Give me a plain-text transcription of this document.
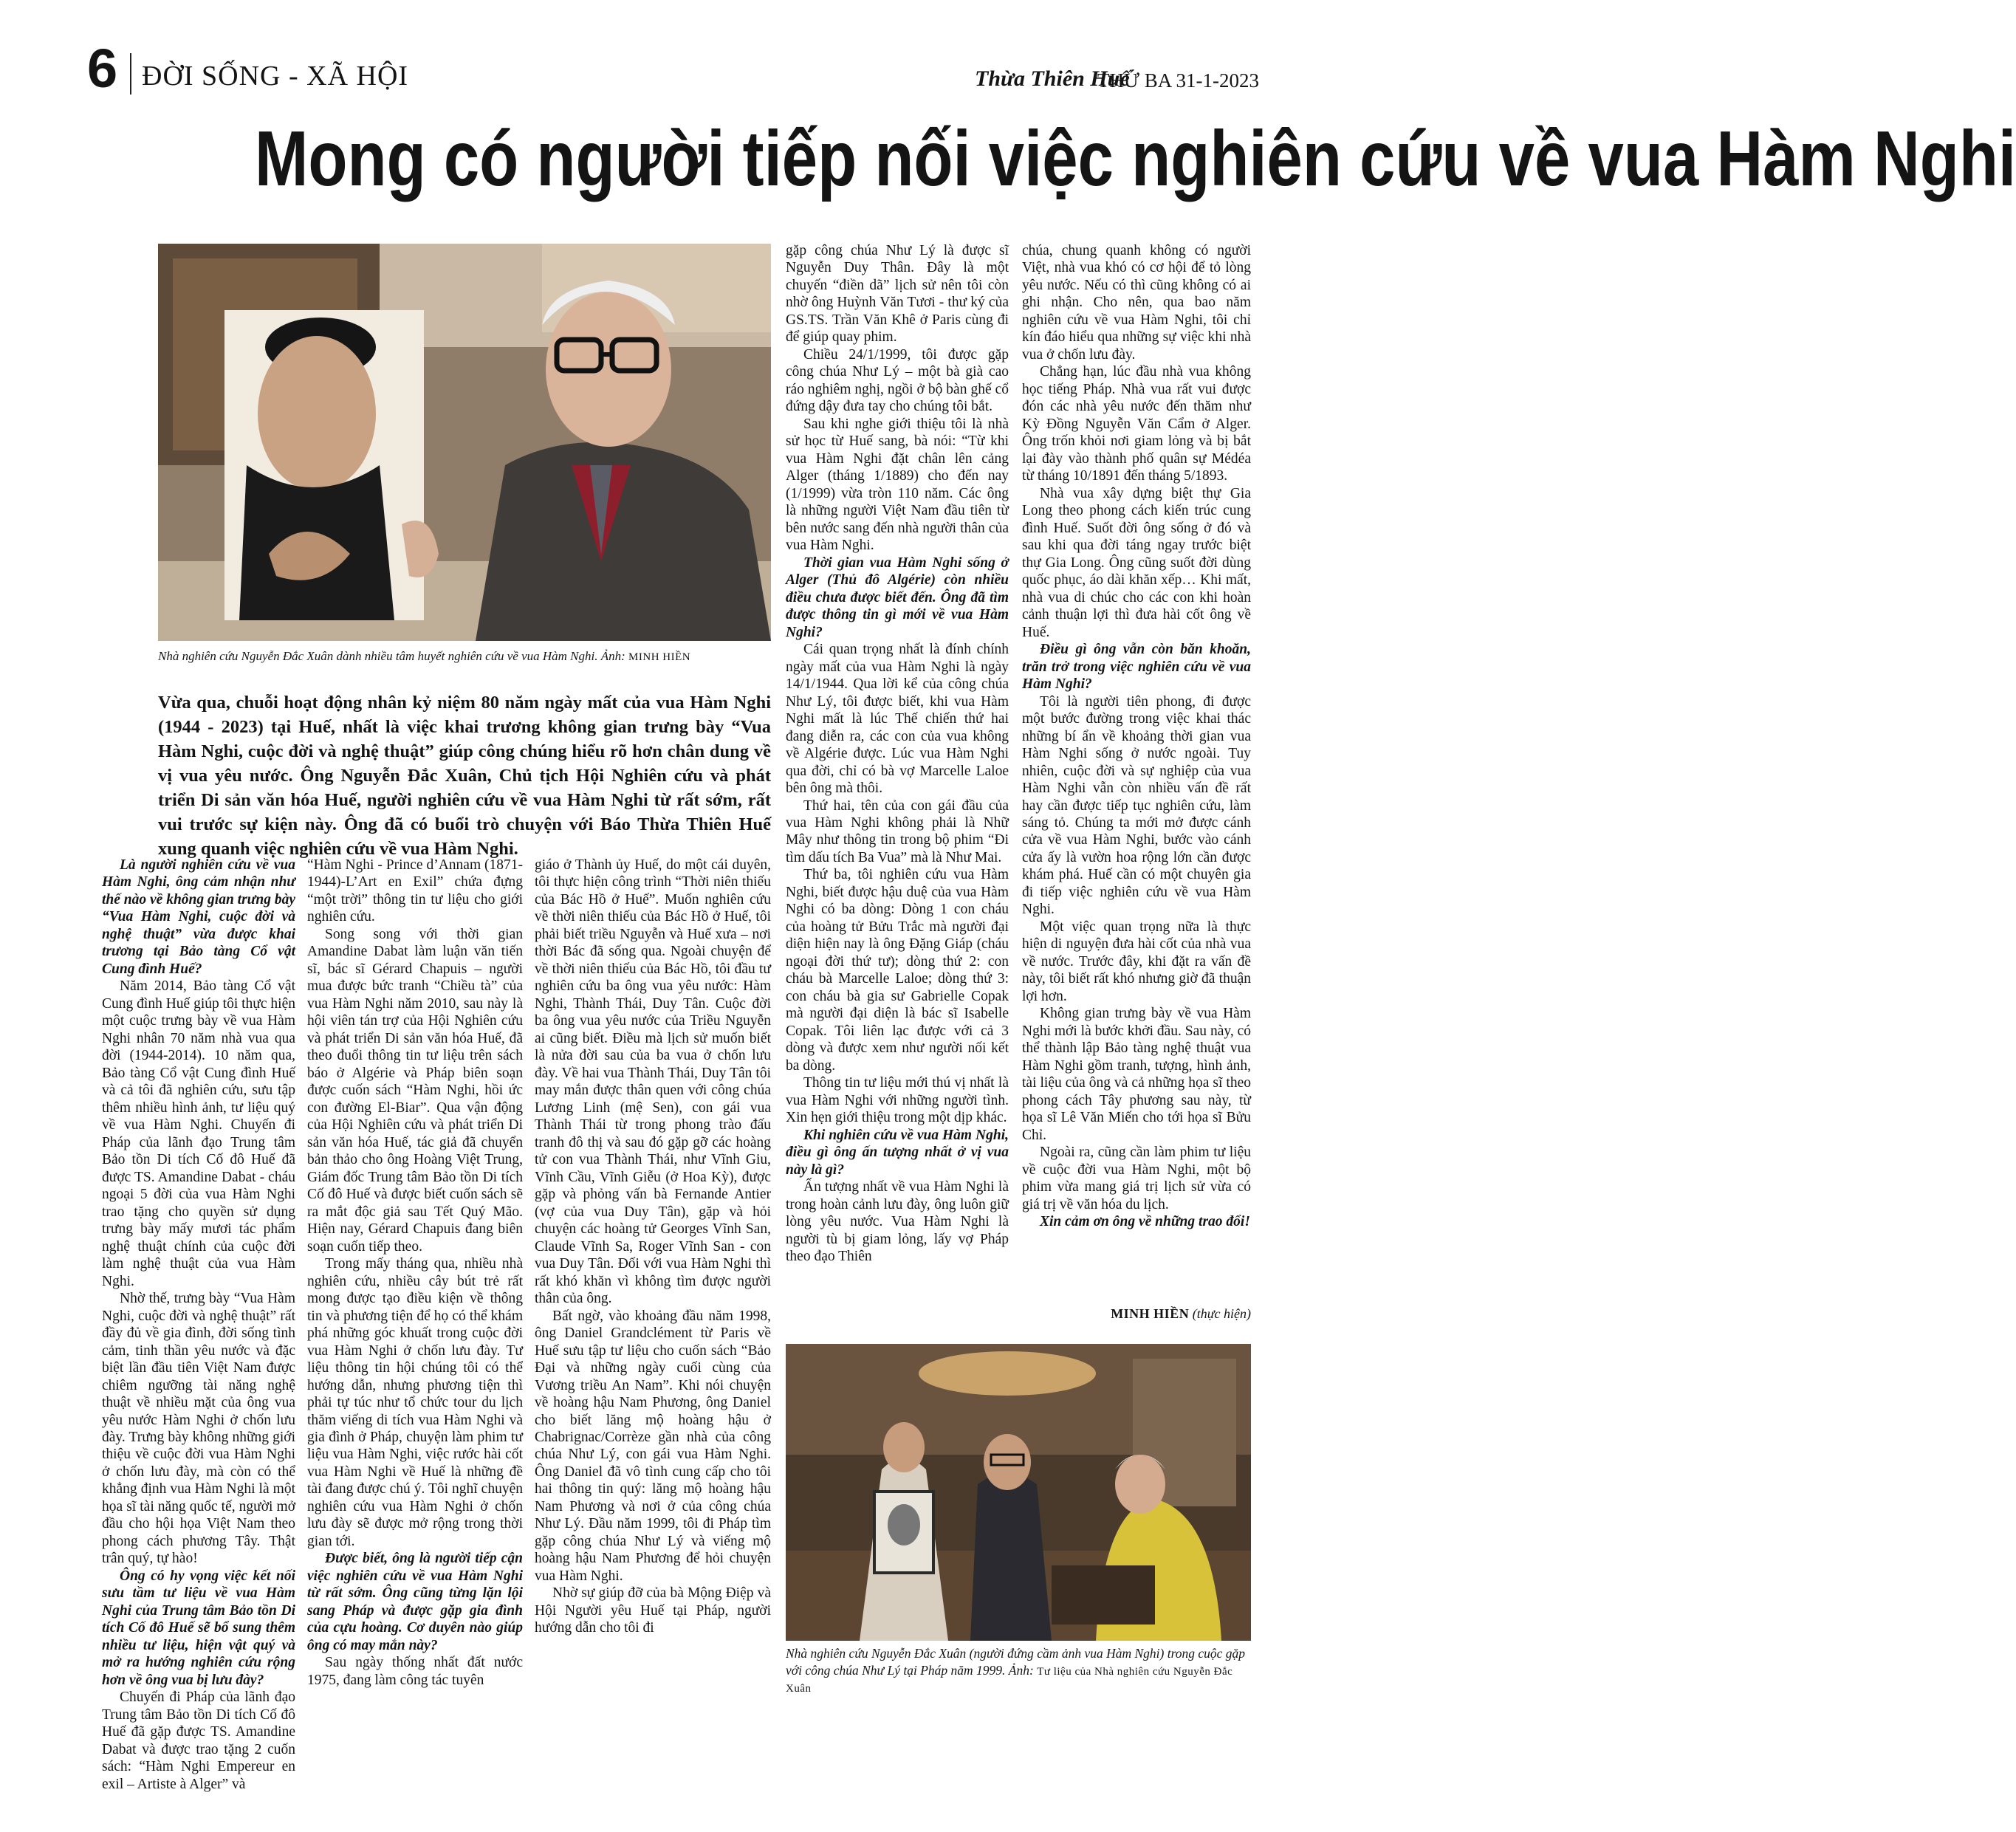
6 ĐỜI SỐNG - XÃ HỘI	Thừa Thiên Huế
THỨ BA 31-1-2023
Mong có người tiếp nối việc nghiên cứu về vua Hàm Nghi
Nhà nghiên cứu Nguyễn Đắc Xuân dành nhiều tâm huyết nghiên cứu về vua Hàm Nghi. Ảnh: MINH HIỀN
Vừa qua, chuỗi hoạt động nhân kỷ niệm 80 năm ngày mất của vua Hàm Nghi (1944 - 2023) tại Huế, nhất là việc khai trương không gian trưng bày “Vua Hàm Nghi, cuộc đời và nghệ thuật” giúp công chúng hiểu rõ hơn chân dung về vị vua yêu nước. Ông Nguyễn Đắc Xuân, Chủ tịch Hội Nghiên cứu và phát triển Di sản văn hóa Huế, người nghiên cứu về vua Hàm Nghi từ rất sớm, rất vui trước sự kiện này. Ông đã có buổi trò chuyện với Báo Thừa Thiên Huế xung quanh việc nghiên cứu về vua Hàm Nghi.

Là người nghiên cứu về vua Hàm Nghi, ông cảm nhận như thế nào về không gian trưng bày “Vua Hàm Nghi, cuộc đời và nghệ thuật” vừa được khai trương tại Bảo tàng Cổ vật Cung đình Huế?

Năm 2014, Bảo tàng Cổ vật Cung đình Huế giúp tôi thực hiện một cuộc trưng bày về vua Hàm Nghi nhân 70 năm nhà vua qua đời (1944-2014). 10 năm qua, Bảo tàng Cổ vật Cung đình Huế và cả tôi đã nghiên cứu, sưu tập thêm nhiều hình ảnh, tư liệu quý về vua Hàm Nghi. Chuyến đi Pháp của lãnh đạo Trung tâm Bảo tồn Di tích Cố đô Huế đã được TS. Amandine Dabat - cháu ngoại 5 đời của vua Hàm Nghi trao tặng cho quyền sử dụng trưng bày mấy mươi tác phẩm nghệ thuật chính của cuộc đời làm nghệ thuật của vua Hàm Nghi.

Nhờ thế, trưng bày “Vua Hàm Nghi, cuộc đời và nghệ thuật” rất đầy đủ về gia đình, đời sống tình cảm, tinh thần yêu nước và đặc biệt lần đầu tiên Việt Nam được chiêm ngưỡng tài năng nghệ thuật về nhiều mặt của ông vua yêu nước Hàm Nghi ở chốn lưu đày. Trưng bày không những giới thiệu về cuộc đời vua Hàm Nghi ở chốn lưu đày, mà còn có thể khẳng định vua Hàm Nghi là một họa sĩ tài năng quốc tế, người mở đầu cho hội họa Việt Nam theo phong cách phương Tây. Thật trân quý, tự hào!

Ông có hy vọng việc kết nối sưu tầm tư liệu về vua Hàm Nghi của Trung tâm Bảo tồn Di tích Cố đô Huế sẽ bổ sung thêm nhiều tư liệu, hiện vật quý và mở ra hướng nghiên cứu rộng hơn về ông vua bị lưu đày?

Chuyến đi Pháp của lãnh đạo Trung tâm Bảo tồn Di tích Cố đô Huế đã gặp được TS. Amandine Dabat và được trao tặng 2 cuốn sách: “Hàm Nghi Empereur en exil – Artiste à Alger” và

“Hàm Nghi - Prince d’Annam (1871-1944)-L’Art en Exil” chứa đựng “một trời” thông tin tư liệu cho giới nghiên cứu.

Song song với thời gian Amandine Dabat làm luận văn tiến sĩ, bác sĩ Gérard Chapuis – người mua được bức tranh “Chiều tà” của vua Hàm Nghi năm 2010, sau này là hội viên tán trợ của Hội Nghiên cứu và phát triển Di sản văn hóa Huế, đã theo đuổi thông tin tư liệu trên sách báo ở Algérie và Pháp biên soạn được cuốn sách “Hàm Nghi, hồi ức con đường El-Biar”. Qua vận động của Hội Nghiên cứu và phát triển Di sản văn hóa Huế, tác giả đã chuyển bản thảo cho ông Hoàng Việt Trung, Giám đốc Trung tâm Bảo tồn Di tích Cố đô Huế và được biết cuốn sách sẽ ra mắt độc giả sau Tết Quý Mão. Hiện nay, Gérard Chapuis đang biên soạn cuốn tiếp theo.

Trong mấy tháng qua, nhiều nhà nghiên cứu, nhiều cây bút trẻ rất mong được tạo điều kiện về thông tin và phương tiện để họ có thể khám phá những góc khuất trong cuộc đời vua Hàm Nghi ở chốn lưu đày. Tư liệu thông tin hội chúng tôi có thể hướng dẫn, nhưng phương tiện thì phải tự túc như tổ chức tour du lịch thăm viếng di tích vua Hàm Nghi và gia đình ở Pháp, chuyện làm phim tư liệu vua Hàm Nghi, việc rước hài cốt vua Hàm Nghi về Huế là những đề tài đang được chú ý. Tôi nghĩ chuyện nghiên cứu vua Hàm Nghi ở chốn lưu đày sẽ được mở rộng trong thời gian tới.

Được biết, ông là người tiếp cận việc nghiên cứu về vua Hàm Nghi từ rất sớm. Ông cũng từng lặn lội sang Pháp và được gặp gia đình của cựu hoàng. Cơ duyên nào giúp ông có may mắn này?

Sau ngày thống nhất đất nước 1975, đang làm công tác tuyên

giáo ở Thành ủy Huế, do một cái duyên, tôi thực hiện công trình “Thời niên thiếu của Bác Hồ ở Huế”. Muốn nghiên cứu về thời niên thiếu của Bác Hồ ở Huế, tôi phải biết triều Nguyễn và Huế xưa – nơi thời Bác đã sống qua. Ngoài chuyện để về thời niên thiếu của Bác Hồ, tôi đầu tư nghiên cứu ba ông vua yêu nước: Hàm Nghi, Thành Thái, Duy Tân. Cuộc đời ba ông vua yêu nước của Triều Nguyễn ai cũng biết. Điều mà lịch sử muốn biết là nửa đời sau của ba vua ở chốn lưu đày. Về hai vua Thành Thái, Duy Tân tôi may mắn được thân quen với công chúa Lương Linh (mệ Sen), con gái vua Thành Thái từ trong phong trào đấu tranh đô thị và sau đó gặp gỡ các hoàng tử con vua Thành Thái, như Vĩnh Giu, Vĩnh Cầu, Vĩnh Giễu (ở Hoa Kỳ), được gặp và phỏng vấn bà Fernande Antier (vợ của vua Duy Tân), gặp và hỏi chuyện các hoàng tử Georges Vĩnh San, Claude Vĩnh Sa, Roger Vĩnh San - con vua Duy Tân. Đối với vua Hàm Nghi thì rất khó khăn vì không tìm được người thân của ông.

Bất ngờ, vào khoảng đầu năm 1998, ông Daniel Grandclément từ Paris về Huế sưu tập tư liệu cho cuốn sách “Bảo Đại và những ngày cuối cùng của Vương triều An Nam”. Khi nói chuyện về hoàng hậu Nam Phương, ông Daniel cho biết lăng mộ hoàng hậu ở Chabrignac/Corrèze gần nhà của công chúa Như Lý, con gái vua Hàm Nghi. Ông Daniel đã vô tình cung cấp cho tôi hai thông tin quý: lăng mộ hoàng hậu Nam Phương và nơi ở của công chúa Như Lý. Đầu năm 1999, tôi đi Pháp tìm gặp công chúa Như Lý và viếng mộ hoàng hậu Nam Phương để hỏi chuyện vua Hàm Nghi.

Nhờ sự giúp đỡ của bà Mộng Điệp và Hội Người yêu Huế tại Pháp, người hướng dẫn cho tôi đi

gặp công chúa Như Lý là được sĩ Nguyễn Duy Thân. Đây là một chuyến “điền dã” lịch sử nên tôi còn nhờ ông Huỳnh Văn Tươi - thư ký của GS.TS. Trần Văn Khê ở Paris cùng đi để giúp quay phim.

Chiều 24/1/1999, tôi được gặp công chúa Như Lý – một bà già cao ráo nghiêm nghị, ngồi ở bộ bàn ghế cổ đứng dậy đưa tay cho chúng tôi bắt.

Sau khi nghe giới thiệu tôi là nhà sử học từ Huế sang, bà nói: “Từ khi vua Hàm Nghi đặt chân lên cảng Alger (tháng 1/1889) cho đến nay (1/1999) vừa tròn 110 năm. Các ông là những người Việt Nam đầu tiên từ bên nước sang đến nhà người thân của vua Hàm Nghi.

Thời gian vua Hàm Nghi sống ở Alger (Thủ đô Algérie) còn nhiều điều chưa được biết đến. Ông đã tìm được thông tin gì mới về vua Hàm Nghi?

Cái quan trọng nhất là đính chính ngày mất của vua Hàm Nghi là ngày 14/1/1944. Qua lời kể của công chúa Như Lý, tôi được biết, khi vua Hàm Nghi mất là lúc Thế chiến thứ hai đang diễn ra, các con của vua không về Algérie được. Lúc vua Hàm Nghi qua đời, chỉ có bà vợ Marcelle Laloe bên ông mà thôi.

Thứ hai, tên của con gái đầu của vua Hàm Nghi không phải là Nhữ Mây như thông tin trong bộ phim “Đi tìm dấu tích Ba Vua” mà là Như Mai.

Thứ ba, tôi nghiên cứu vua Hàm Nghi, biết được hậu duệ của vua Hàm Nghi có ba dòng: Dòng 1 con cháu của hoàng tử Bửu Trắc mà người đại diện hiện nay là ông Đặng Giáp (cháu ngoại đời thứ tư); dòng thứ 2: con cháu bà Marcelle Laloe; dòng thứ 3: con cháu bà gia sư Gabrielle Copak mà người đại diện là bác sĩ Isabelle Copak. Tôi liên lạc được với cả 3 dòng và được xem như người nối kết ba dòng.

Thông tin tư liệu mới thú vị nhất là vua Hàm Nghi với những người tình. Xin hẹn giới thiệu trong một dịp khác.

Khi nghiên cứu về vua Hàm Nghi, điều gì ông ấn tượng nhất ở vị vua này là gì?

Ấn tượng nhất về vua Hàm Nghi là trong hoàn cảnh lưu đày, ông luôn giữ lòng yêu nước. Vua Hàm Nghi là người tù bị giam lỏng, lấy vợ Pháp theo đạo Thiên

chúa, chung quanh không có người Việt, nhà vua khó có cơ hội để tỏ lòng yêu nước. Nếu có thì cũng không có ai ghi nhận. Cho nên, qua bao năm nghiên cứu về vua Hàm Nghi, tôi chỉ kín đáo hiểu qua những sự việc khi nhà vua ở chốn lưu đày.

Chẳng hạn, lúc đầu nhà vua không học tiếng Pháp. Nhà vua rất vui được đón các nhà yêu nước đến thăm như Kỳ Đồng Nguyễn Văn Cẩm ở Alger. Ông trốn khỏi nơi giam lỏng và bị bắt lại đày vào thành phố quân sự Médéa từ tháng 10/1891 đến tháng 5/1893.

Nhà vua xây dựng biệt thự Gia Long theo phong cách kiến trúc cung đình Huế. Suốt đời ông sống ở đó và sau khi qua đời táng ngay trước biệt thự Gia Long. Ông cũng suốt đời dùng quốc phục, áo dài khăn xếp… Khi mất, nhà vua di chúc cho các con khi hoàn cảnh thuận lợi thì đưa hài cốt ông về Huế.

Điều gì ông vẫn còn băn khoăn, trăn trở trong việc nghiên cứu về vua Hàm Nghi?

Tôi là người tiên phong, đi được một bước đường trong việc khai thác những bí ẩn về khoảng thời gian vua Hàm Nghi sống ở nước ngoài. Tuy nhiên, cuộc đời và sự nghiệp của vua Hàm Nghi vẫn còn nhiều vấn đề rất hay cần được tiếp tục nghiên cứu, làm sáng tỏ. Chúng ta mới mở được cánh cửa về vua Hàm Nghi, bước vào cánh cửa ấy là vườn hoa rộng lớn cần được khám phá. Huế cần có một chuyên gia đi tiếp việc nghiên cứu về vua Hàm Nghi.

Một việc quan trọng nữa là thực hiện di nguyện đưa hài cốt của nhà vua về nước. Trước đây, khi đặt ra vấn đề này, tôi biết rất khó nhưng giờ đã thuận lợi hơn.

Không gian trưng bày về vua Hàm Nghi mới là bước khởi đầu. Sau này, có thể thành lập Bảo tàng nghệ thuật vua Hàm Nghi gồm tranh, tượng, hình ảnh, tài liệu của ông và cả những họa sĩ theo phong cách Tây phương sau này, từ họa sĩ Lê Văn Miến cho tới họa sĩ Bửu Chỉ.

Ngoài ra, cũng cần làm phim tư liệu về cuộc đời vua Hàm Nghi, một bộ phim vừa mang giá trị lịch sử vừa có giá trị về văn hóa du lịch.

Xin cảm ơn ông về những trao đổi!

MINH HIỀN (thực hiện)
Nhà nghiên cứu Nguyễn Đắc Xuân (người đứng cầm ảnh vua Hàm Nghi) trong cuộc gặp với công chúa Như Lý tại Pháp năm 1999. Ảnh: Tư liệu của Nhà nghiên cứu Nguyễn Đắc Xuân
